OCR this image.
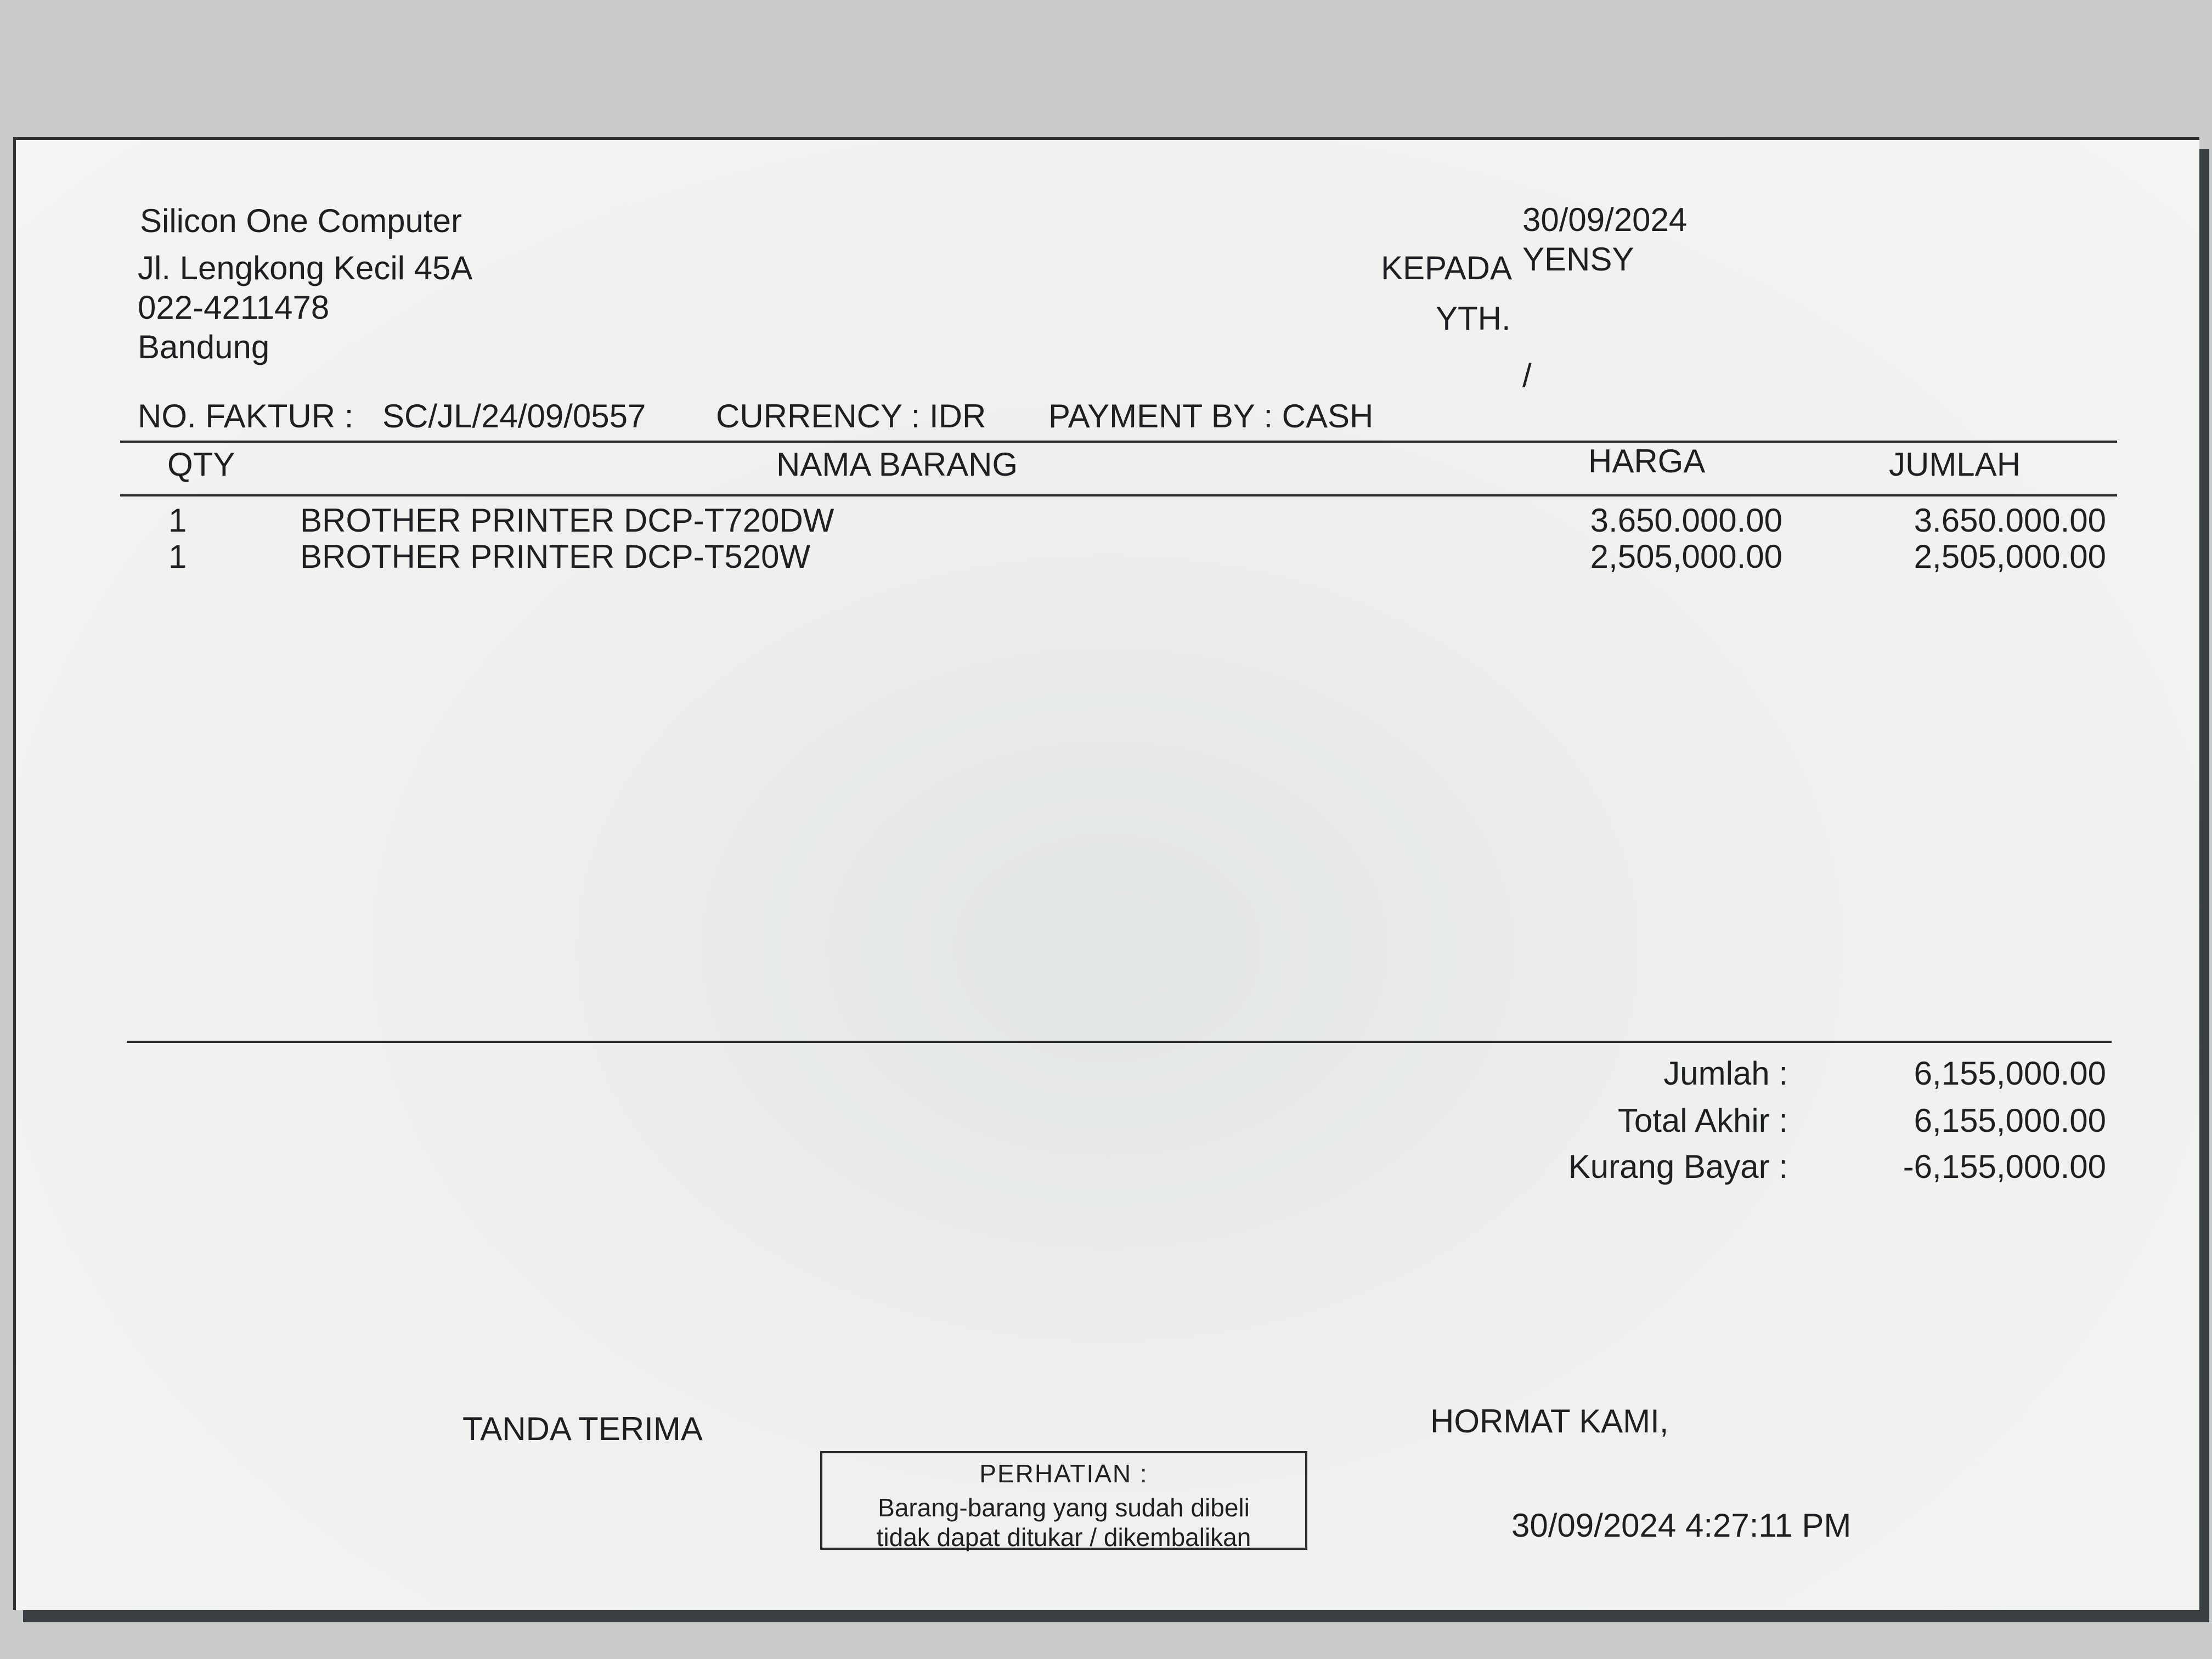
Silicon One Computer
Jl. Lengkong Kecil 45A
022-4211478
Bandung
30/09/2024
KEPADA YENSY
YTH.
/
NO. FAKTUR : SC/JL/24/09/0557 CURRENCY : IDR PAYMENT BY : CASH
QTY	NAMA BARANG	HARGA	JUMLAH
1	BROTHER PRINTER DCP-T720DW	3.650.000.00	3.650.000.00
1	BROTHER PRINTER DCP-T520W	2,505,000.00	2,505,000.00
Jumlah :	6,155,000.00
Total Akhir :	6,155,000.00
Kurang Bayar :	-6,155,000.00
TANDA TERIMA	HORMAT KAMI,
PERHATIAN :
Barang-barang yang sudah dibeli
tidak dapat ditukar / dikembalikan	30/09/2024 4:27:11 PM
